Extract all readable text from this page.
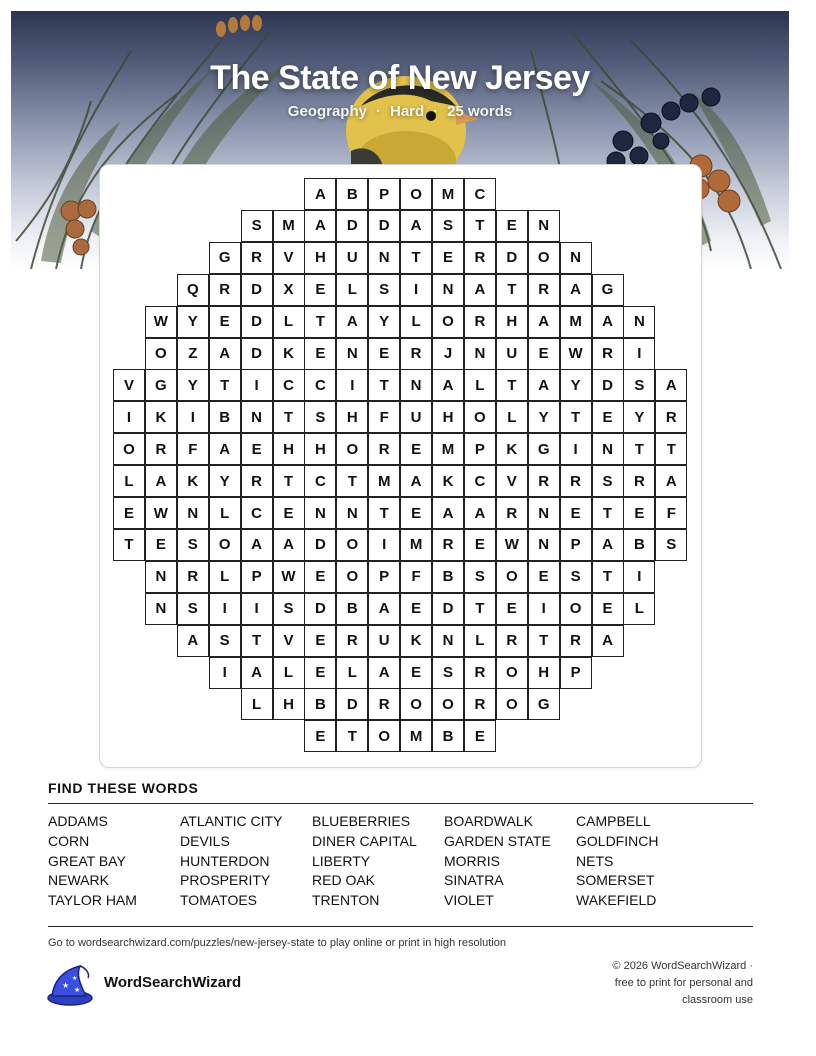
The State of New Jersey
Geography · Hard · 25 words
A	B	P	O	M	C
S	M	A	D	D	A	S	T	E	N
G	R	V	H	U	N	T	E	R	D	O	N
Q	R	D	X	E	L	S	I	N	A	T	R	A	G
W	Y	E	D	L	T	A	Y	L	O	R	H	A	M	A	N
O	Z	A	D	K	E	N	E	R	J	N	U	E	W	R	I
V	G	Y	T	I	C	C	I	T	N	A	L	T	A	Y	D	S	A
I	K	I	B	N	T	S	H	F	U	H	O	L	Y	T	E	Y	R
O	R	F	A	E	H	H	O	R	E	M	P	K	G	I	N	T	T
L	A	K	Y	R	T	C	T	M	A	K	C	V	R	R	S	R	A
E	W	N	L	C	E	N	N	T	E	A	A	R	N	E	T	E	F
T	E	S	O	A	A	D	O	I	M	R	E	W	N	P	A	B	S
N	R	L	P	W	E	O	P	F	B	S	O	E	S	T	I
N	S	I	I	S	D	B	A	E	D	T	E	I	O	E	L
A	S	T	V	E	R	U	K	N	L	R	T	R	A
I	A	L	E	L	A	E	S	R	O	H	P
L	H	B	D	R	O	O	R	O	G
E	T	O	M	B	E
FIND THESE WORDS
ADDAMS	ATLANTIC CITY	BLUEBERRIES	BOARDWALK	CAMPBELL
CORN	DEVILS	DINER CAPITAL	GARDEN STATE	GOLDFINCH
GREAT BAY	HUNTERDON	LIBERTY	MORRIS	NETS
NEWARK	PROSPERITY	RED OAK	SINATRA	SOMERSET
TAYLOR HAM	TOMATOES	TRENTON	VIOLET	WAKEFIELD
Go to wordsearchwizard.com/puzzles/new-jersey-state to play online or print in high resolution
★
★
★ WordSearchWizard
© 2026 WordSearchWizard ·
free to print for personal and
classroom use
